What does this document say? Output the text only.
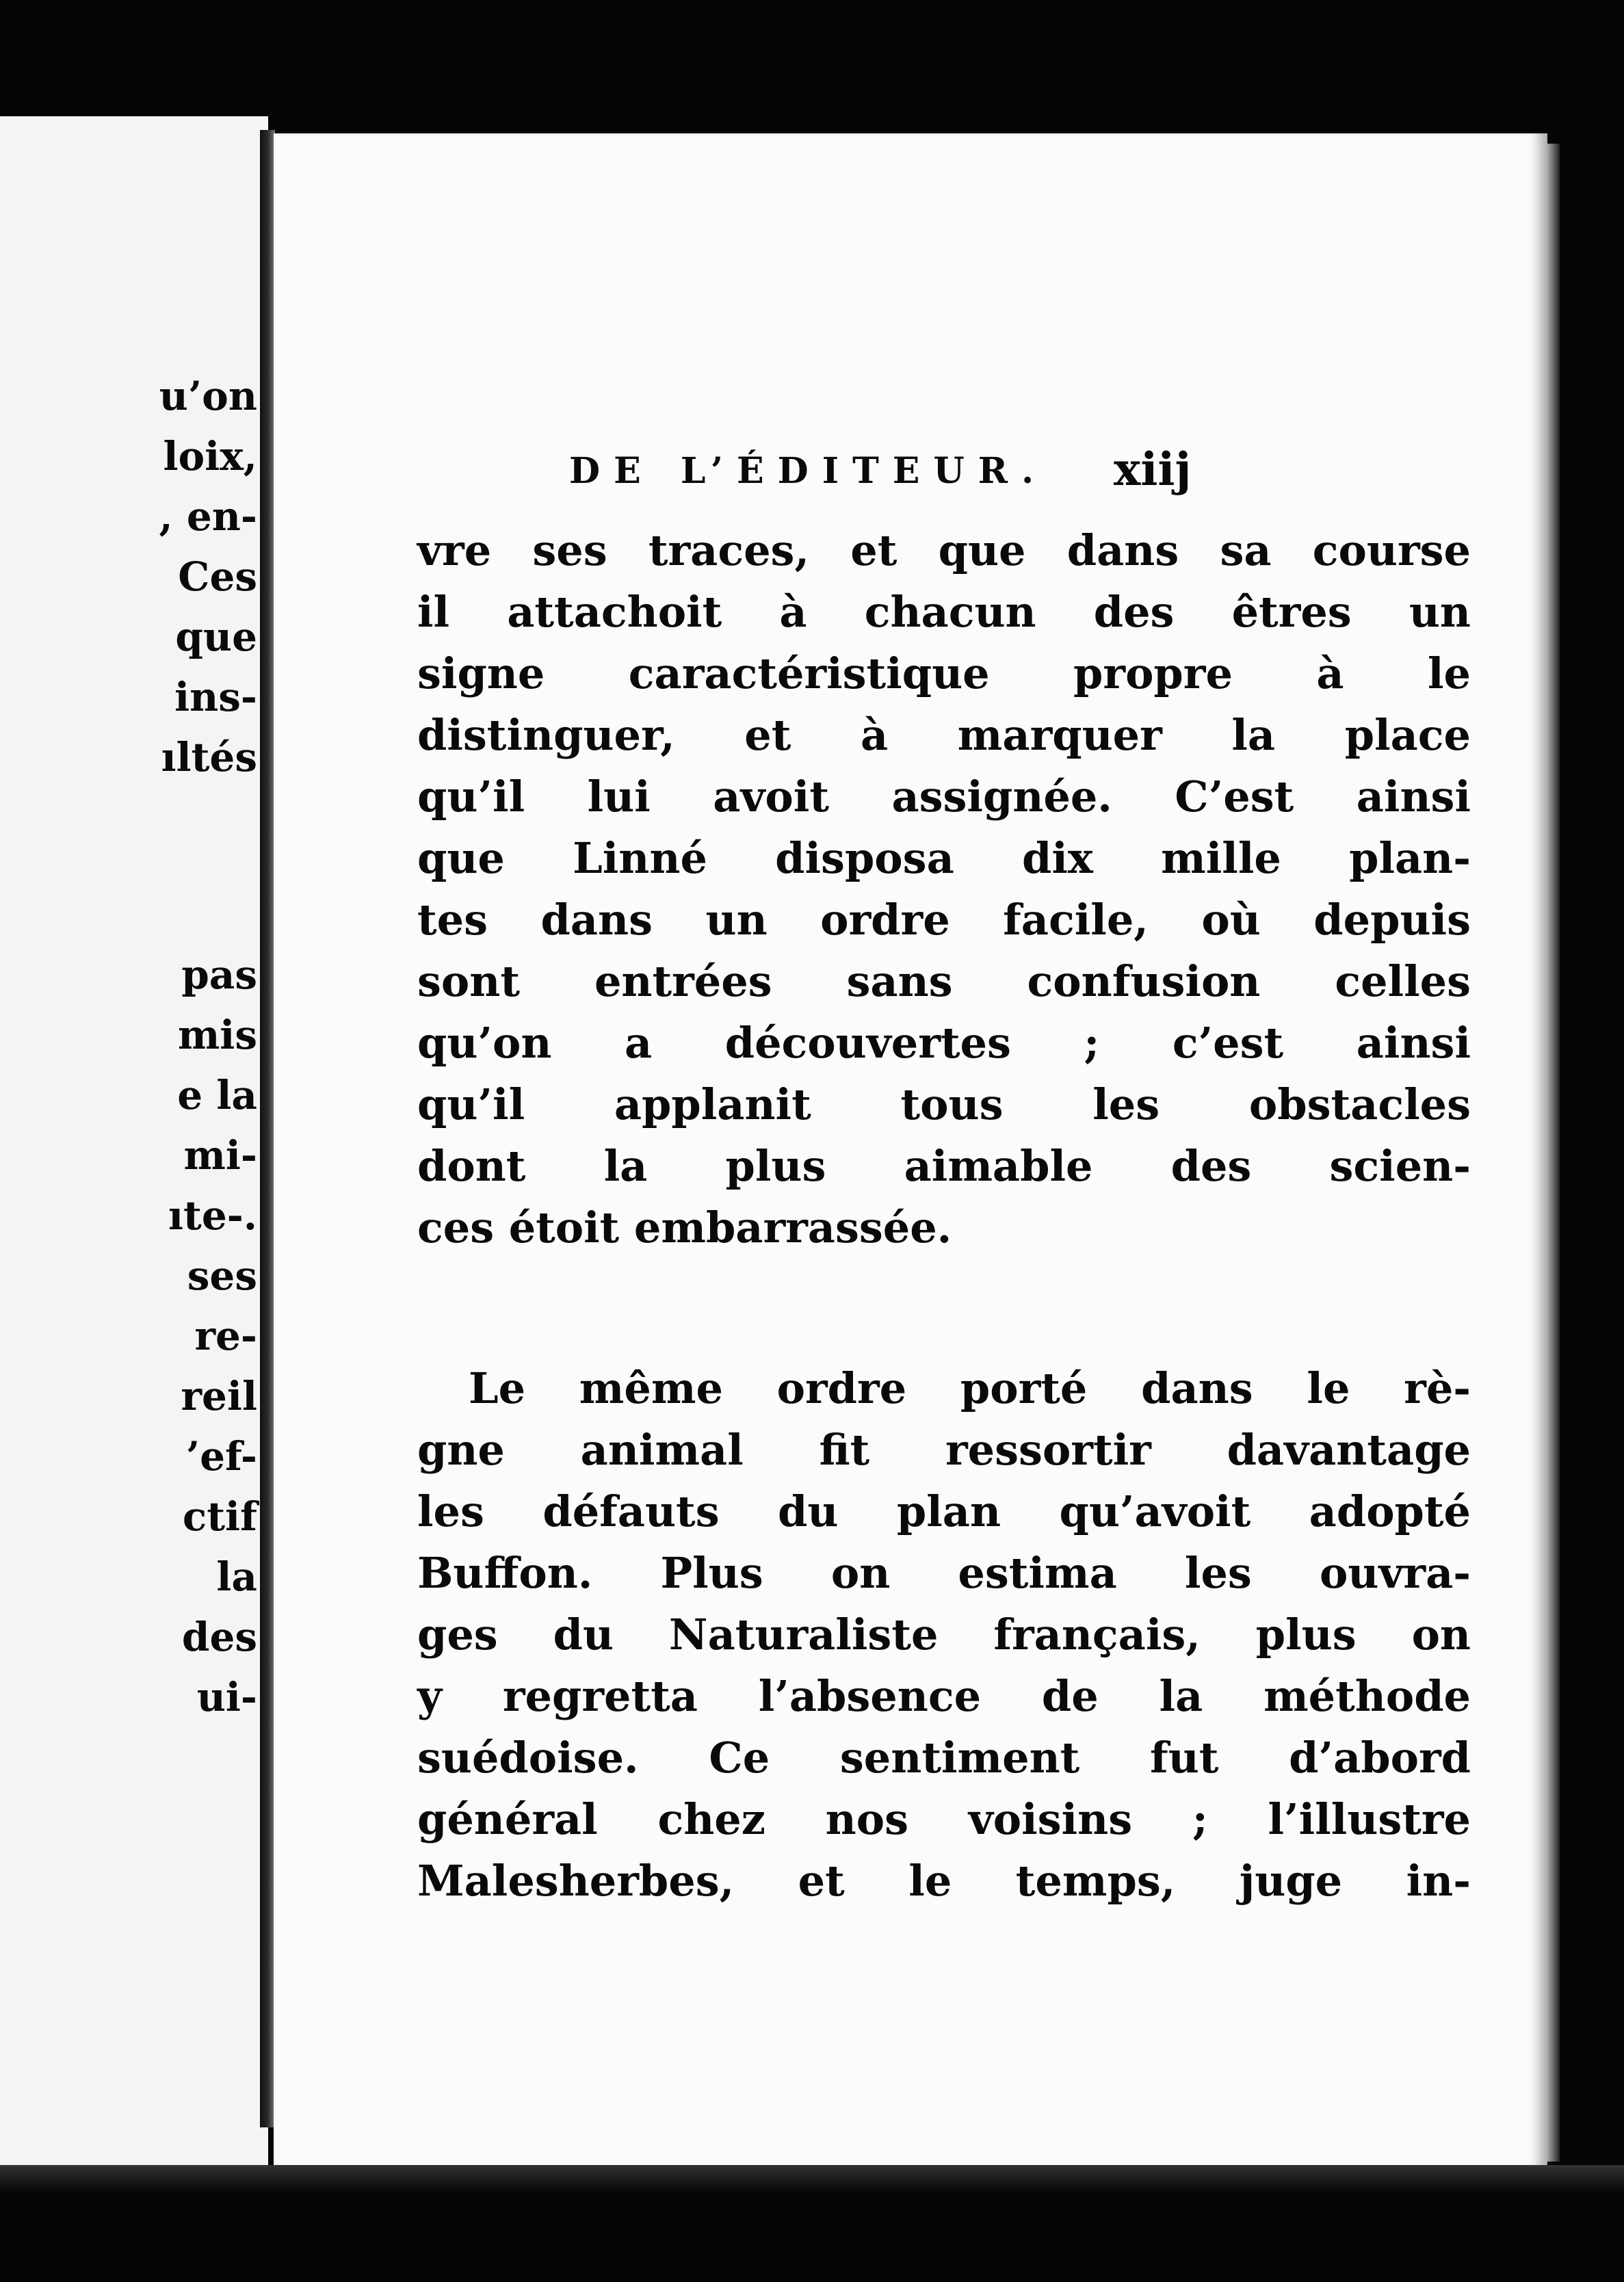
u’on

loix,

, en-

Ces

que

ins-

ıltés

pas

mis

e la

mi-

ıte-.

ses

re-

reil

’ef-

ctif

la

des

ui-

DE L’ÉDITEUR. xiij
vre ses traces, et que dans sa course
il attachoit à chacun des êtres un
signe caractéristique propre à le
distinguer, et à marquer la place
qu’il lui avoit assignée. C’est ainsi
que Linné disposa dix mille plan-
tes dans un ordre facile, où depuis
sont entrées sans confusion celles
qu’on a découvertes ; c’est ainsi
qu’il applanit tous les obstacles
dont la plus aimable des scien-
ces étoit embarrassée.
Le même ordre porté dans le rè-
gne animal fit ressortir davantage
les défauts du plan qu’avoit adopté
Buffon. Plus on estima les ouvra-
ges du Naturaliste français, plus on
y regretta l’absence de la méthode
suédoise. Ce sentiment fut d’abord
général chez nos voisins ; l’illustre
Malesherbes, et le temps, juge in-
